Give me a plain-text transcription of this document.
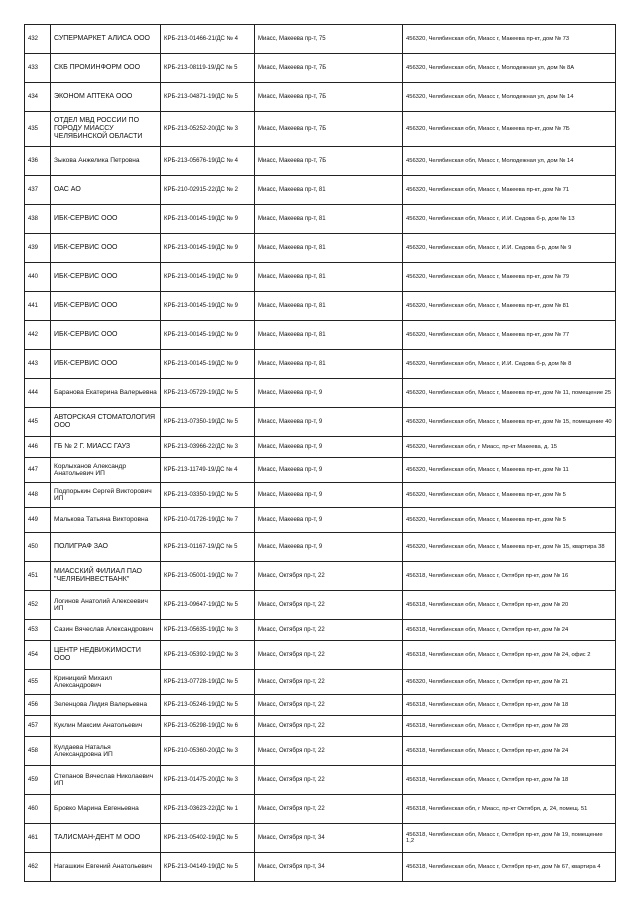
432	СУПЕРМАРКЕТ АЛИСА ООО	КРБ-213-01466-21/ДС № 4	Миасс, Макеева пр-т, 75	456320, Челябинская обл, Миасс г, Макеева пр-кт, дом № 73
433	СКБ ПРОМИНФОРМ ООО	КРБ-213-08119-19/ДС № 5	Миасс, Макеева пр-т, 7Б	456320, Челябинская обл, Миасс г, Молодежная ул, дом № 8А
434	ЭКОНОМ АПТЕКА ООО	КРБ-213-04871-19/ДС № 5	Миасс, Макеева пр-т, 7Б	456320, Челябинская обл, Миасс г, Молодежная ул, дом № 14
435	ОТДЕЛ МВД РОССИИ ПО ГОРОДУ МИАССУ ЧЕЛЯБИНСКОЙ ОБЛАСТИ	КРБ-213-05252-20/ДС № 3	Миасс, Макеева пр-т, 7Б	456320, Челябинская обл, Миасс г, Макеева пр-кт, дом № 7Б
436	Зыкова Анжелика Петровна	КРБ-213-05676-19/ДС № 4	Миасс, Макеева пр-т, 7Б	456320, Челябинская обл, Миасс г, Молодежная ул, дом № 14
437	ОАС АО	КРБ-210-02915-22/ДС № 2	Миасс, Макеева пр-т, 81	456320, Челябинская обл, Миасс г, Макеева пр-кт, дом № 71
438	ИБК-СЕРВИС ООО	КРБ-213-00145-19/ДС № 9	Миасс, Макеева пр-т, 81	456320, Челябинская обл, Миасс г, И.И. Седова б-р, дом № 13
439	ИБК-СЕРВИС ООО	КРБ-213-00145-19/ДС № 9	Миасс, Макеева пр-т, 81	456320, Челябинская обл, Миасс г, И.И. Седова б-р, дом № 9
440	ИБК-СЕРВИС ООО	КРБ-213-00145-19/ДС № 9	Миасс, Макеева пр-т, 81	456320, Челябинская обл, Миасс г, Макеева пр-кт, дом № 79
441	ИБК-СЕРВИС ООО	КРБ-213-00145-19/ДС № 9	Миасс, Макеева пр-т, 81	456320, Челябинская обл, Миасс г, Макеева пр-кт, дом № 81
442	ИБК-СЕРВИС ООО	КРБ-213-00145-19/ДС № 9	Миасс, Макеева пр-т, 81	456320, Челябинская обл, Миасс г, Макеева пр-кт, дом № 77
443	ИБК-СЕРВИС ООО	КРБ-213-00145-19/ДС № 9	Миасс, Макеева пр-т, 81	456320, Челябинская обл, Миасс г, И.И. Седова б-р, дом № 8
444	Баранова Екатерина Валерьевна	КРБ-213-05729-19/ДС № 5	Миасс, Макеева пр-т, 9	456320, Челябинская обл, Миасс г, Макеева пр-кт, дом № 11, помещение 25
445	АВТОРСКАЯ СТОМАТОЛОГИЯ ООО	КРБ-213-07350-19/ДС № 5	Миасс, Макеева пр-т, 9	456320, Челябинская обл, Миасс г, Макеева пр-кт, дом № 15, помещение 40
446	ГБ № 2 Г. МИАСС ГАУЗ	КРБ-213-03966-22/ДС № 3	Миасс, Макеева пр-т, 9	456320, Челябинская обл, г Миасс, пр-кт Макеева, д. 15
447	Корлыханов Александр Анатольевич ИП	КРБ-213-11749-19/ДС № 4	Миасс, Макеева пр-т, 9	456320, Челябинская обл, Миасс г, Макеева пр-кт, дом № 11
448	Подпорькин Сергей Викторович ИП	КРБ-213-03350-19/ДС № 5	Миасс, Макеева пр-т, 9	456320, Челябинская обл, Миасс г, Макеева пр-кт, дом № 5
449	Малькова Татьяна Викторовна	КРБ-210-01726-19/ДС № 7	Миасс, Макеева пр-т, 9	456320, Челябинская обл, Миасс г, Макеева пр-кт, дом № 5
450	ПОЛИГРАФ ЗАО	КРБ-213-01167-19/ДС № 5	Миасс, Макеева пр-т, 9	456320, Челябинская обл, Миасс г, Макеева пр-кт, дом № 15, квартира 38
451	МИАССКИЙ ФИЛИАЛ ПАО "ЧЕЛЯБИНВЕСТБАНК"	КРБ-213-05001-19/ДС № 7	Миасс, Октября пр-т, 22	456318, Челябинская обл, Миасс г, Октября пр-кт, дом № 16
452	Логинов Анатолий Алексеевич ИП	КРБ-213-09647-19/ДС № 5	Миасс, Октября пр-т, 22	456318, Челябинская обл, Миасс г, Октября пр-кт, дом № 20
453	Сазин Вячеслав Александрович	КРБ-213-05635-19/ДС № 3	Миасс, Октября пр-т, 22	456318, Челябинская обл, Миасс г, Октября пр-кт, дом № 24
454	ЦЕНТР НЕДВИЖИМОСТИ ООО	КРБ-213-05392-19/ДС № 3	Миасс, Октября пр-т, 22	456318, Челябинская обл, Миасс г, Октября пр-кт, дом № 24, офис 2
455	Криницкий Михаил Александрович	КРБ-213-07728-19/ДС № 5	Миасс, Октября пр-т, 22	456320, Челябинская обл, Миасс г, Октября пр-кт, дом № 21
456	Зеленцова Лидия Валерьевна	КРБ-213-05246-19/ДС № 5	Миасс, Октября пр-т, 22	456318, Челябинская обл, Миасс г, Октября пр-кт, дом № 18
457	Куклин Максим Анатольевич	КРБ-213-05298-19/ДС № 6	Миасс, Октября пр-т, 22	456318, Челябинская обл, Миасс г, Октября пр-кт, дом № 28
458	Кулдаева Наталья Александровна ИП	КРБ-210-05360-20/ДС № 3	Миасс, Октября пр-т, 22	456318, Челябинская обл, Миасс г, Октября пр-кт, дом № 24
459	Степанов Вячеслав Николаевич ИП	КРБ-213-01475-20/ДС № 3	Миасс, Октября пр-т, 22	456318, Челябинская обл, Миасс г, Октября пр-кт, дом № 18
460	Бровко Марина Евгеньевна	КРБ-213-03623-22/ДС № 1	Миасс, Октября пр-т, 22	456318, Челябинская обл, г Миасс, пр-кт Октября, д. 24, помещ. 51
461	ТАЛИСМАН-ДЕНТ М ООО	КРБ-213-05402-19/ДС № 5	Миасс, Октября пр-т, 34	456318, Челябинская обл, Миасс г, Октября пр-кт, дом № 19, помещение 1,2
462	Нагашкин Евгений Анатольевич	КРБ-213-04149-19/ДС № 5	Миасс, Октября пр-т, 34	456318, Челябинская обл, Миасс г, Октября пр-кт, дом № 67, квартира 4
